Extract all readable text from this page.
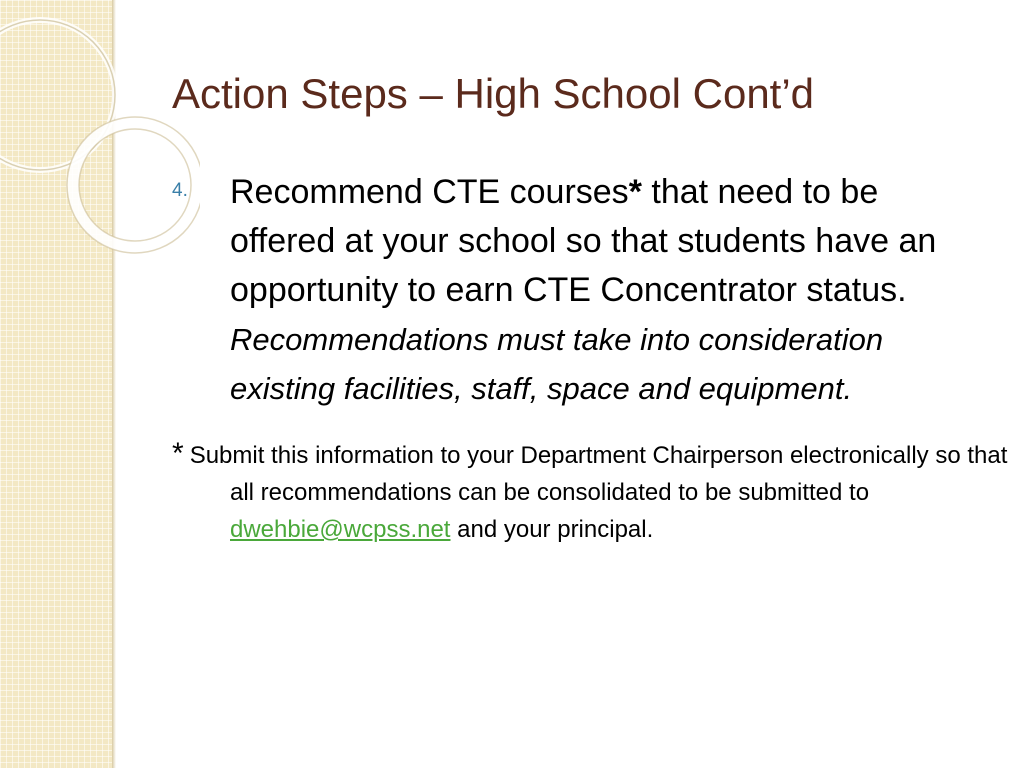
Action Steps – High School Cont’d
4. Recommend CTE courses* that need to be offered at your school so that students have an opportunity to earn CTE Concentrator status.
Recommendations must take into consideration existing facilities, staff, space and equipment.
* Submit this information to your Department Chairperson electronically so that all recommendations can be consolidated to be submitted to dwehbie@wcpss.net and your principal.
